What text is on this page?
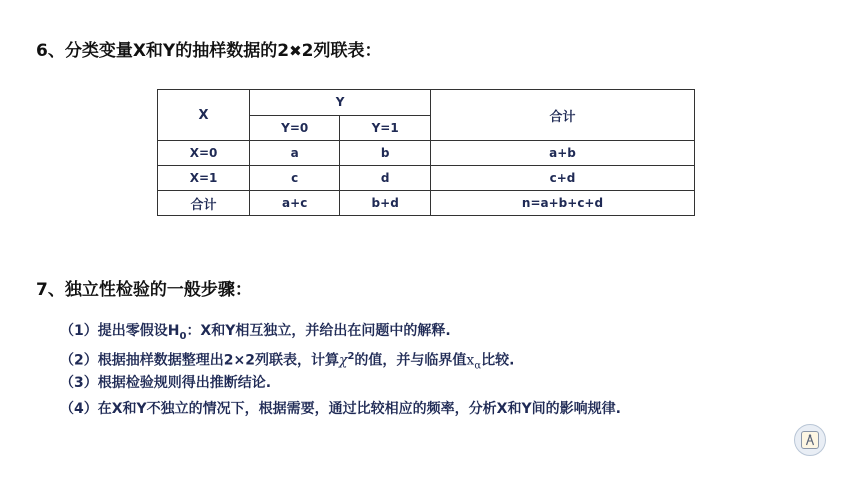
6、分类变量X和Y的抽样数据的2✖2列联表：
X	Y		合计
	Y=0	Y=1	
X=0	a	b	a+b
X=1	c	d	c+d
合计	a+c	b+d	n=a+b+c+d
7、独立性检验的一般步骤：
（1）提出零假设$H_0$：X和Y相互独立，并给出在问题中的解释.
（2）根据抽样数据整理出2×2列联表，计算$\chi^2$的值，并与临界值$x_\alpha$比较.
（3）根据检验规则得出推断结论.
（4）在X和Y不独立的情况下，根据需要，通过比较相应的频率，分析X和Y间的影响规律.
